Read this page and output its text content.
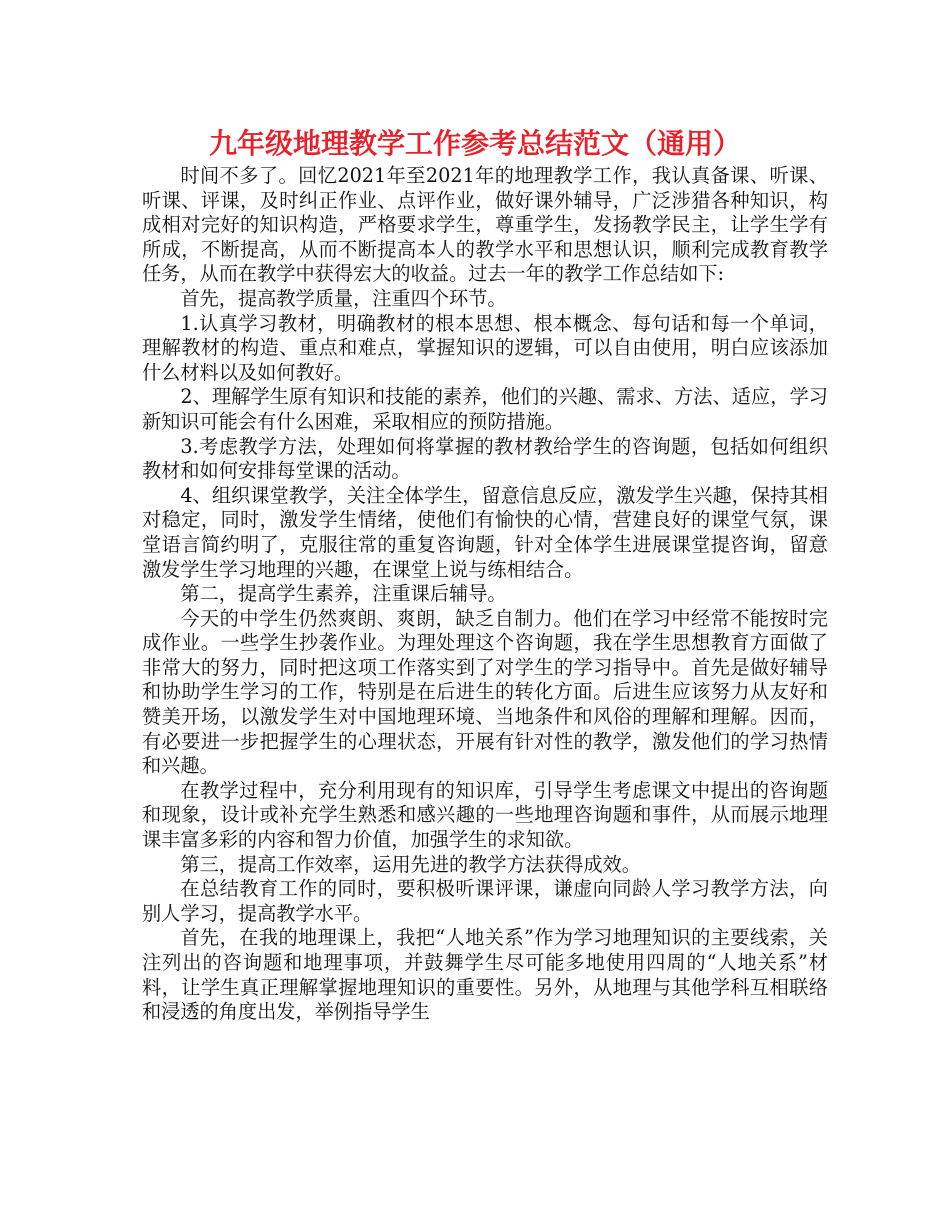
九年级地理教学工作参考总结范文（通用）

时间不多了。回忆2021年至2021年的地理教学工作，我认真备课、听课、听课、评课，及时纠正作业、点评作业，做好课外辅导，广泛涉猎各种知识，构成相对完好的知识构造，严格要求学生，尊重学生，发扬教学民主，让学生学有所成，不断提高，从而不断提高本人的教学水平和思想认识，顺利完成教育教学任务，从而在教学中获得宏大的收益。过去一年的教学工作总结如下:

首先，提高教学质量，注重四个环节。

1.认真学习教材，明确教材的根本思想、根本概念、每句话和每一个单词，理解教材的构造、重点和难点，掌握知识的逻辑，可以自由使用，明白应该添加什么材料以及如何教好。

2、理解学生原有知识和技能的素养，他们的兴趣、需求、方法、适应，学习新知识可能会有什么困难，采取相应的预防措施。

3.考虑教学方法，处理如何将掌握的教材教给学生的咨询题，包括如何组织教材和如何安排每堂课的活动。

4、组织课堂教学，关注全体学生，留意信息反应，激发学生兴趣，保持其相对稳定，同时，激发学生情绪，使他们有愉快的心情，营建良好的课堂气氛，课堂语言简约明了，克服往常的重复咨询题，针对全体学生进展课堂提咨询，留意激发学生学习地理的兴趣，在课堂上说与练相结合。

第二，提高学生素养，注重课后辅导。

今天的中学生仍然爽朗、爽朗，缺乏自制力。他们在学习中经常不能按时完成作业。一些学生抄袭作业。为理处理这个咨询题，我在学生思想教育方面做了非常大的努力，同时把这项工作落实到了对学生的学习指导中。首先是做好辅导和协助学生学习的工作，特别是在后进生的转化方面。后进生应该努力从友好和赞美开场，以激发学生对中国地理环境、当地条件和风俗的理解和理解。因而，有必要进一步把握学生的心理状态，开展有针对性的教学，激发他们的学习热情和兴趣。

在教学过程中，充分利用现有的知识库，引导学生考虑课文中提出的咨询题和现象，设计或补充学生熟悉和感兴趣的一些地理咨询题和事件，从而展示地理课丰富多彩的内容和智力价值，加强学生的求知欲。

第三，提高工作效率，运用先进的教学方法获得成效。

在总结教育工作的同时，要积极听课评课，谦虚向同龄人学习教学方法，向别人学习，提高教学水平。

首先，在我的地理课上，我把“人地关系”作为学习地理知识的主要线索，关注列出的咨询题和地理事项，并鼓舞学生尽可能多地使用四周的“人地关系”材料，让学生真正理解掌握地理知识的重要性。另外，从地理与其他学科互相联络和浸透的角度出发，举例指导学生
